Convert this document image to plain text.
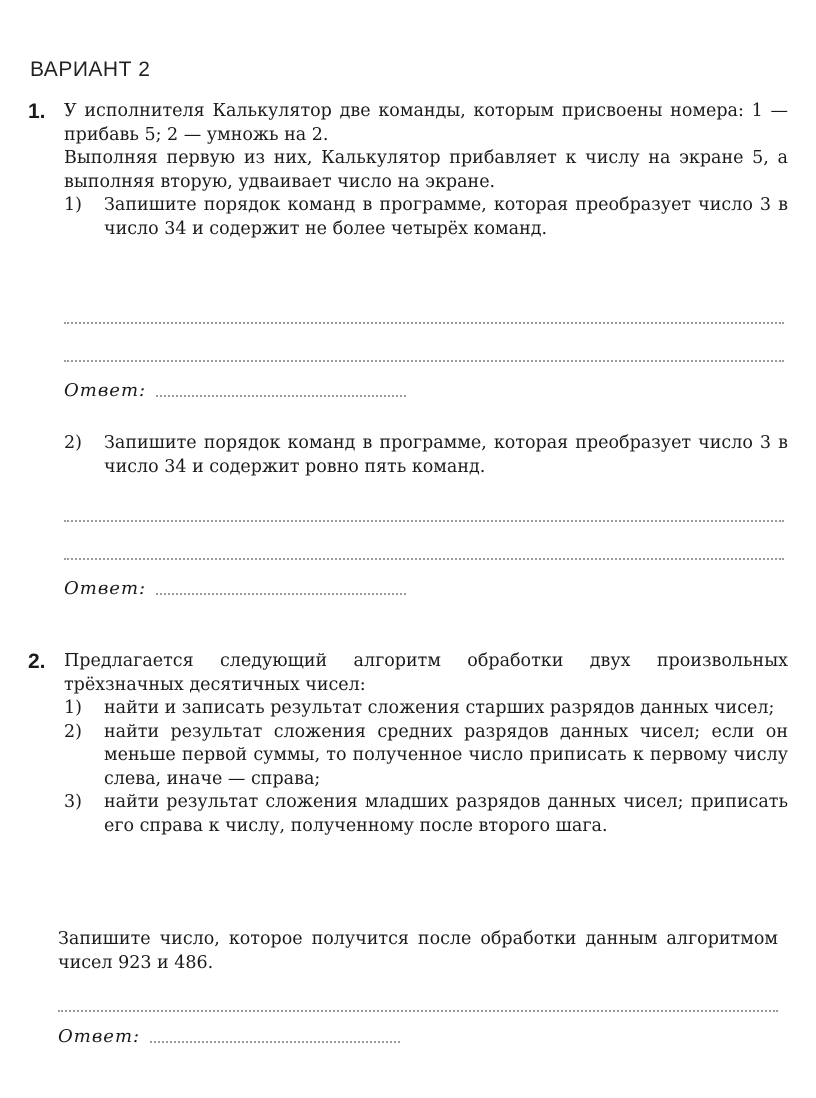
ВАРИАНТ 2
1. У исполнителя Калькулятор две команды, которым присвоены номера: 1 — прибавь 5; 2 — умножь на 2.

Выполняя первую из них, Калькулятор прибавляет к числу на экране 5, а выполняя вторую, удваивает число на экране.

1)	Запишите порядок команд в программе, которая преобразует число 3 в число 34 и содержит не более четырёх команд.
Ответ:
2)	Запишите порядок команд в программе, которая преобразует число 3 в число 34 и содержит ровно пять команд.
Ответ:
2. Предлагается следующий алгоритм обработки двух произвольных трёхзначных десятичных чисел:

1)	найти и записать результат сложения старших разрядов данных чисел;
2)	найти результат сложения средних разрядов данных чисел; если он меньше первой суммы, то полученное число приписать к первому числу слева, иначе — справа;
3)	найти результат сложения младших разрядов данных чисел; приписать его справа к числу, полученному после второго шага.

Запишите число, которое получится после обработки данным алгоритмом чисел 923 и 486.

Ответ:
